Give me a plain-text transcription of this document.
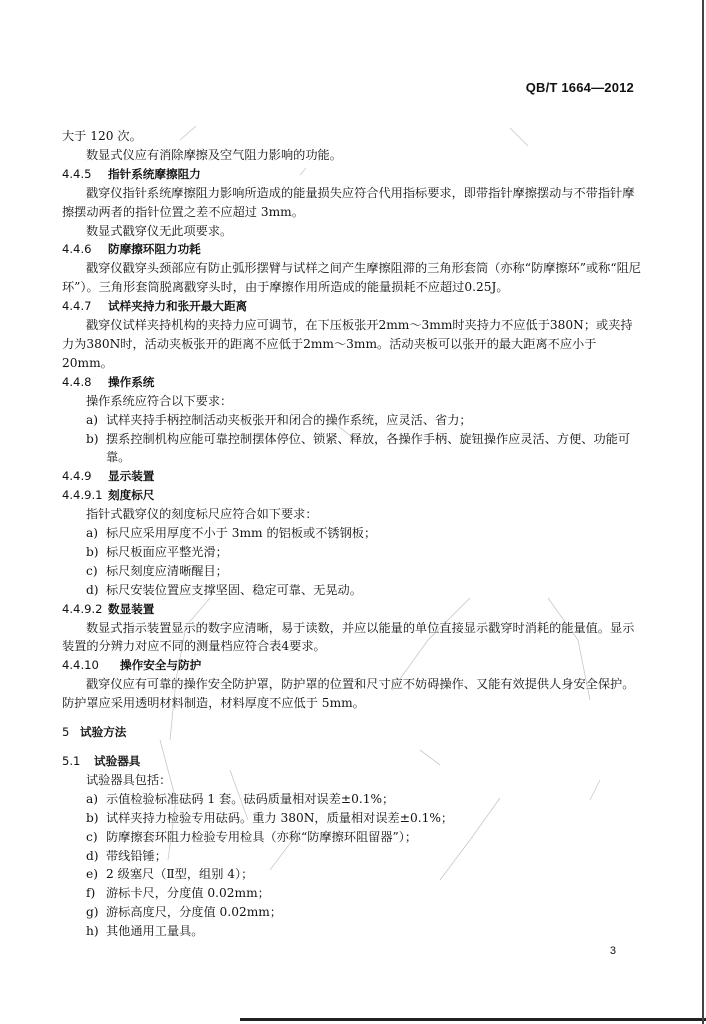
QB/T 1664—2012

大于 120 次。

数显式仪应有消除摩擦及空气阻力影响的功能。

4.4.5 指针系统摩擦阻力

戳穿仪指针系统摩擦阻力影响所造成的能量损失应符合代用指标要求，即带指针摩擦摆动与不带指针摩擦摆动两者的指针位置之差不应超过 3mm。

数显式戳穿仪无此项要求。

4.4.6 防摩擦环阻力功耗

戳穿仪戳穿头颈部应有防止弧形摆臂与试样之间产生摩擦阻滞的三角形套筒（亦称“防摩擦环”或称“阻尼环”）。三角形套筒脱离戳穿头时，由于摩擦作用所造成的能量损耗不应超过0.25J。

4.4.7 试样夹持力和张开最大距离

戳穿仪试样夹持机构的夹持力应可调节，在下压板张开2mm～3mm时夹持力不应低于380N；或夹持力为380N时，活动夹板张开的距离不应低于2mm～3mm。活动夹板可以张开的最大距离不应小于20mm。

4.4.8 操作系统

操作系统应符合以下要求：

a) 试样夹持手柄控制活动夹板张开和闭合的操作系统，应灵活、省力；

b) 摆系控制机构应能可靠控制摆体停位、锁紧、释放，各操作手柄、旋钮操作应灵活、方便、功能可靠。

4.4.9 显示装置

4.4.9.1 刻度标尺

指针式戳穿仪的刻度标尺应符合如下要求：

a) 标尺应采用厚度不小于 3mm 的铝板或不锈钢板；

b) 标尺板面应平整光滑；

c) 标尺刻度应清晰醒目；

d) 标尺安装位置应支撑坚固、稳定可靠、无晃动。

4.4.9.2 数显装置

数显式指示装置显示的数字应清晰，易于读数，并应以能量的单位直接显示戳穿时消耗的能量值。显示装置的分辨力对应不同的测量档应符合表4要求。

4.4.10 操作安全与防护

戳穿仪应有可靠的操作安全防护罩，防护罩的位置和尺寸应不妨碍操作、又能有效提供人身安全保护。防护罩应采用透明材料制造，材料厚度不应低于 5mm。

5 试验方法

5.1 试验器具

试验器具包括：

a) 示值检验标准砝码 1 套。砝码质量相对误差±0.1%；

b) 试样夹持力检验专用砝码。重力 380N，质量相对误差±0.1%；

c) 防摩擦套环阻力检验专用检具（亦称“防摩擦环阻留器”）；

d) 带线铅锤；

e) 2 级塞尺（Ⅱ型，组别 4）；

f) 游标卡尺，分度值 0.02mm；

g) 游标高度尺，分度值 0.02mm；

h) 其他通用工量具。

3
